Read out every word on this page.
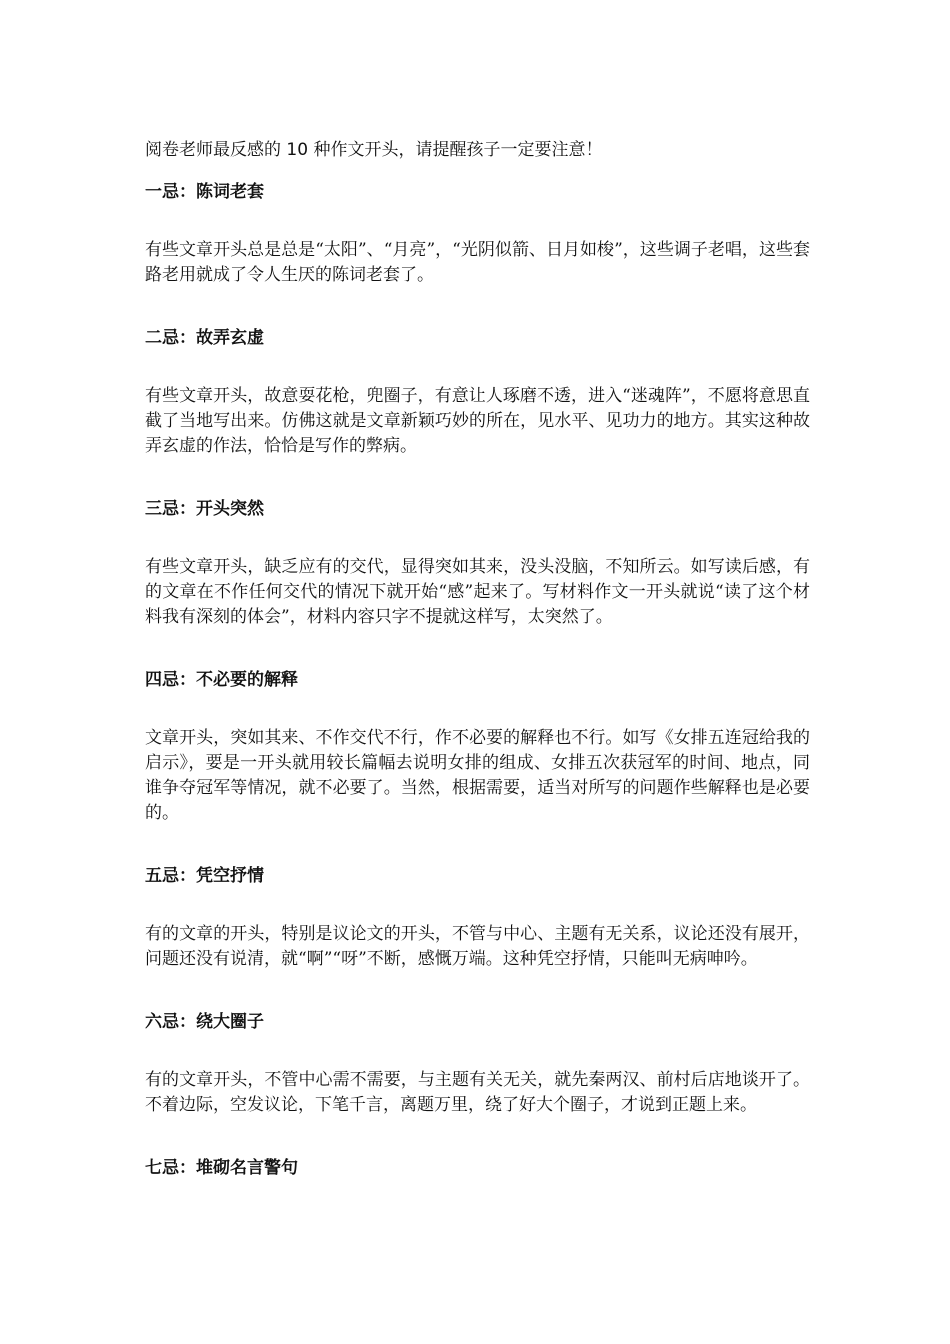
阅卷老师最反感的 10 种作文开头，请提醒孩子一定要注意！
一忌：陈词老套
有些文章开头总是总是“太阳”、“月亮”，“光阴似箭、日月如梭”，这些调子老唱，这些套路老用就成了令人生厌的陈词老套了。
二忌：故弄玄虚
有些文章开头，故意耍花枪，兜圈子，有意让人琢磨不透，进入“迷魂阵”，不愿将意思直截了当地写出来。仿佛这就是文章新颖巧妙的所在，见水平、见功力的地方。其实这种故弄玄虚的作法，恰恰是写作的弊病。
三忌：开头突然
有些文章开头，缺乏应有的交代，显得突如其来，没头没脑，不知所云。如写读后感，有的文章在不作任何交代的情况下就开始“感”起来了。写材料作文一开头就说“读了这个材料我有深刻的体会”，材料内容只字不提就这样写，太突然了。
四忌：不必要的解释
文章开头，突如其来、不作交代不行，作不必要的解释也不行。如写《女排五连冠给我的启示》，要是一开头就用较长篇幅去说明女排的组成、女排五次获冠军的时间、地点，同谁争夺冠军等情况，就不必要了。当然，根据需要，适当对所写的问题作些解释也是必要的。
五忌：凭空抒情
有的文章的开头，特别是议论文的开头，不管与中心、主题有无关系，议论还没有展开，问题还没有说清，就“啊”“呀”不断，感慨万端。这种凭空抒情，只能叫无病呻吟。
六忌：绕大圈子
有的文章开头，不管中心需不需要，与主题有关无关，就先秦两汉、前村后店地谈开了。不着边际，空发议论，下笔千言，离题万里，绕了好大个圈子，才说到正题上来。
七忌：堆砌名言警句
